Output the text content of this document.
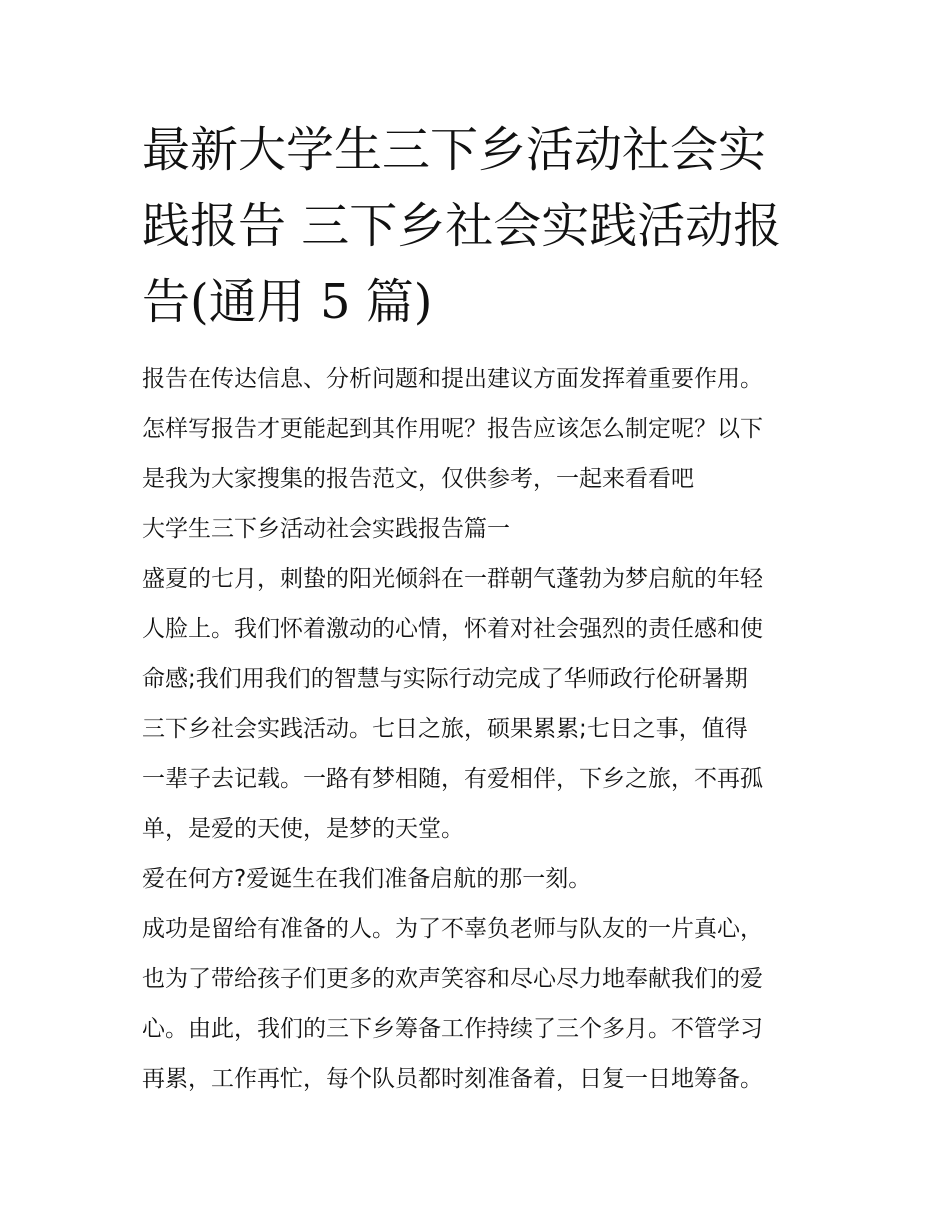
最新大学生三下乡活动社会实
践报告 三下乡社会实践活动报
告(通用 5 篇)
报告在传达信息、分析问题和提出建议方面发挥着重要作用。
怎样写报告才更能起到其作用呢？报告应该怎么制定呢？以下
是我为大家搜集的报告范文，仅供参考，一起来看看吧
大学生三下乡活动社会实践报告篇一
盛夏的七月，刺蛰的阳光倾斜在一群朝气蓬勃为梦启航的年轻
人脸上。我们怀着激动的心情，怀着对社会强烈的责任感和使
命感;我们用我们的智慧与实际行动完成了华师政行伦研暑期
三下乡社会实践活动。七日之旅，硕果累累;七日之事，值得
一辈子去记载。一路有梦相随，有爱相伴，下乡之旅，不再孤
单，是爱的天使，是梦的天堂。
爱在何方?爱诞生在我们准备启航的那一刻。
成功是留给有准备的人。为了不辜负老师与队友的一片真心，
也为了带给孩子们更多的欢声笑容和尽心尽力地奉献我们的爱
心。由此，我们的三下乡筹备工作持续了三个多月。不管学习
再累，工作再忙，每个队员都时刻准备着，日复一日地筹备。
